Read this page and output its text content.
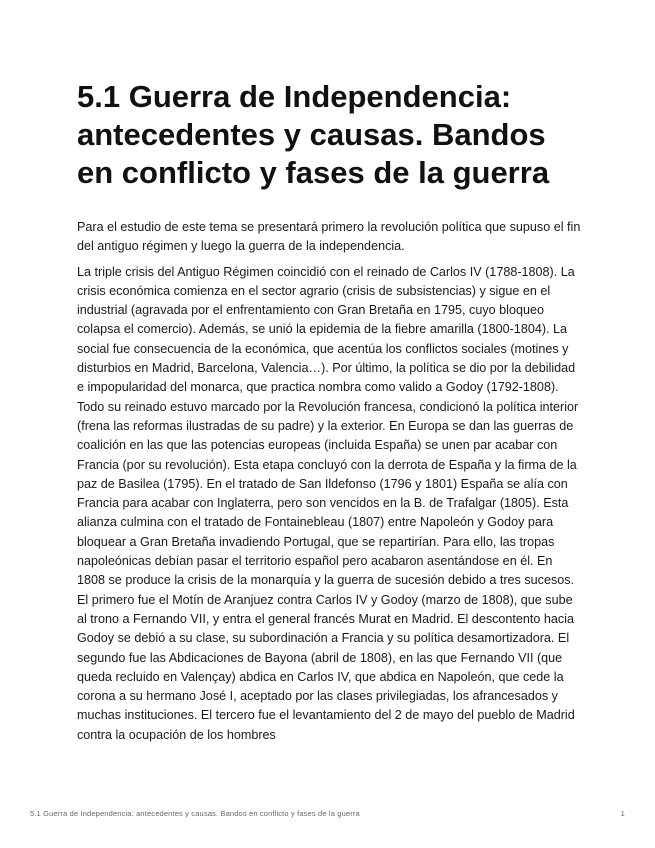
5.1 Guerra de Independencia: antecedentes y causas. Bandos en conflicto y fases de la guerra

Para el estudio de este tema se presentará primero la revolución política que supuso el fin del antiguo régimen y luego la guerra de la independencia.

La triple crisis del Antiguo Régimen coincidió con el reinado de Carlos IV (1788-1808). La crisis económica comienza en el sector agrario (crisis de subsistencias) y sigue en el industrial (agravada por el enfrentamiento con Gran Bretaña en 1795, cuyo bloqueo colapsa el comercio). Además, se unió la epidemia de la fiebre amarilla (1800-1804). La social fue consecuencia de la económica, que acentúa los conflictos sociales (motines y disturbios en Madrid, Barcelona, Valencia…). Por último, la política se dio por la debilidad e impopularidad del monarca, que practica nombra como valido a Godoy (1792-1808). Todo su reinado estuvo marcado por la Revolución francesa, condicionó la política interior (frena las reformas ilustradas de su padre) y la exterior. En Europa se dan las guerras de coalición en las que las potencias europeas (incluida España) se unen par acabar con Francia (por su revolución). Esta etapa concluyó con la derrota de España y la firma de la paz de Basilea (1795). En el tratado de San Ildefonso (1796 y 1801) España se alía con Francia para acabar con Inglaterra, pero son vencidos en la B. de Trafalgar (1805). Esta alianza culmina con el tratado de Fontainebleau (1807) entre Napoleón y Godoy para bloquear a Gran Bretaña invadiendo Portugal, que se repartirían. Para ello, las tropas napoleónicas debían pasar el territorio español pero acabaron asentándose en él. En 1808 se produce la crisis de la monarquía y la guerra de sucesión debido a tres sucesos. El primero fue el Motín de Aranjuez contra Carlos IV y Godoy (marzo de 1808), que sube al trono a Fernando VII, y entra el general francés Murat en Madrid. El descontento hacia Godoy se debió a su clase, su subordinación a Francia y su política desamortizadora. El segundo fue las Abdicaciones de Bayona (abril de 1808), en las que Fernando VII (que queda recluido en Valençay) abdica en Carlos IV, que abdica en Napoleón, que cede la corona a su hermano José I, aceptado por las clases privilegiadas, los afrancesados y muchas instituciones. El tercero fue el levantamiento del 2 de mayo del pueblo de Madrid contra la ocupación de los hombres

5.1 Guerra de Independencia: antecedentes y causas. Bandos en conflicto y fases de la guerra	1
